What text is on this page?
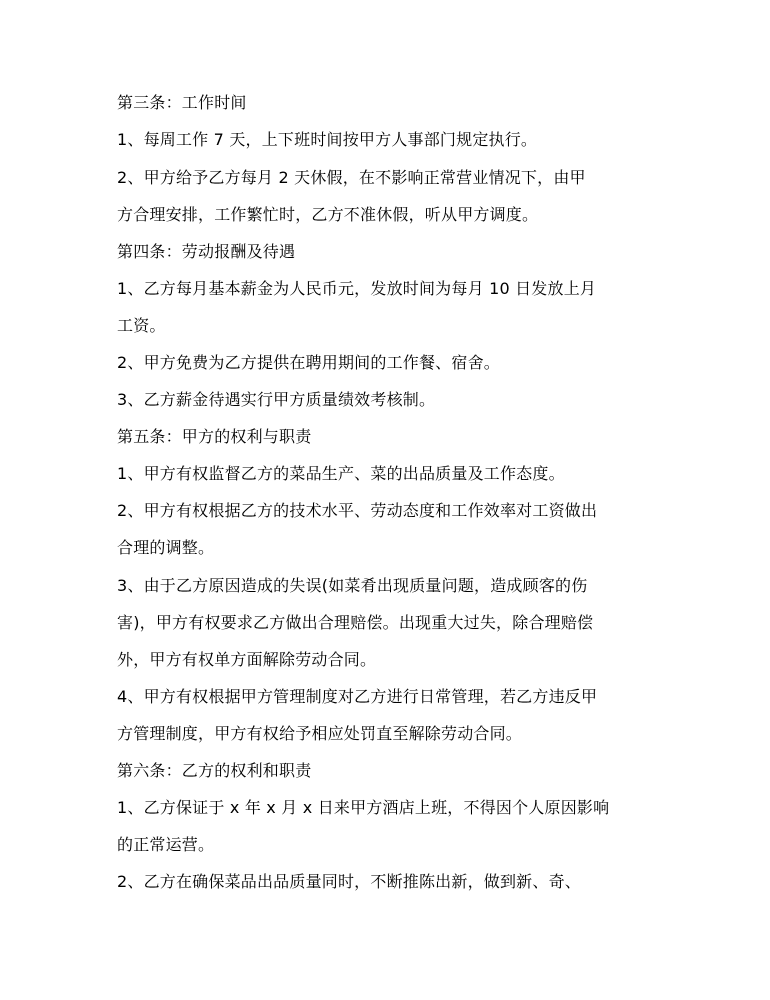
第三条：工作时间
1、每周工作 7 天，上下班时间按甲方人事部门规定执行。
2、甲方给予乙方每月 2 天休假，在不影响正常营业情况下，由甲
方合理安排，工作繁忙时，乙方不准休假，听从甲方调度。
第四条：劳动报酬及待遇
1、乙方每月基本薪金为人民币元，发放时间为每月 10 日发放上月
工资。
2、甲方免费为乙方提供在聘用期间的工作餐、宿舍。
3、乙方薪金待遇实行甲方质量绩效考核制。
第五条：甲方的权利与职责
1、甲方有权监督乙方的菜品生产、菜的出品质量及工作态度。
2、甲方有权根据乙方的技术水平、劳动态度和工作效率对工资做出
合理的调整。
3、由于乙方原因造成的失误(如菜肴出现质量问题，造成顾客的伤
害)，甲方有权要求乙方做出合理赔偿。出现重大过失，除合理赔偿
外，甲方有权单方面解除劳动合同。
4、甲方有权根据甲方管理制度对乙方进行日常管理，若乙方违反甲
方管理制度，甲方有权给予相应处罚直至解除劳动合同。
第六条：乙方的权利和职责
1、乙方保证于 x 年 x 月 x 日来甲方酒店上班，不得因个人原因影响
的正常运营。
2、乙方在确保菜品出品质量同时，不断推陈出新，做到新、奇、
